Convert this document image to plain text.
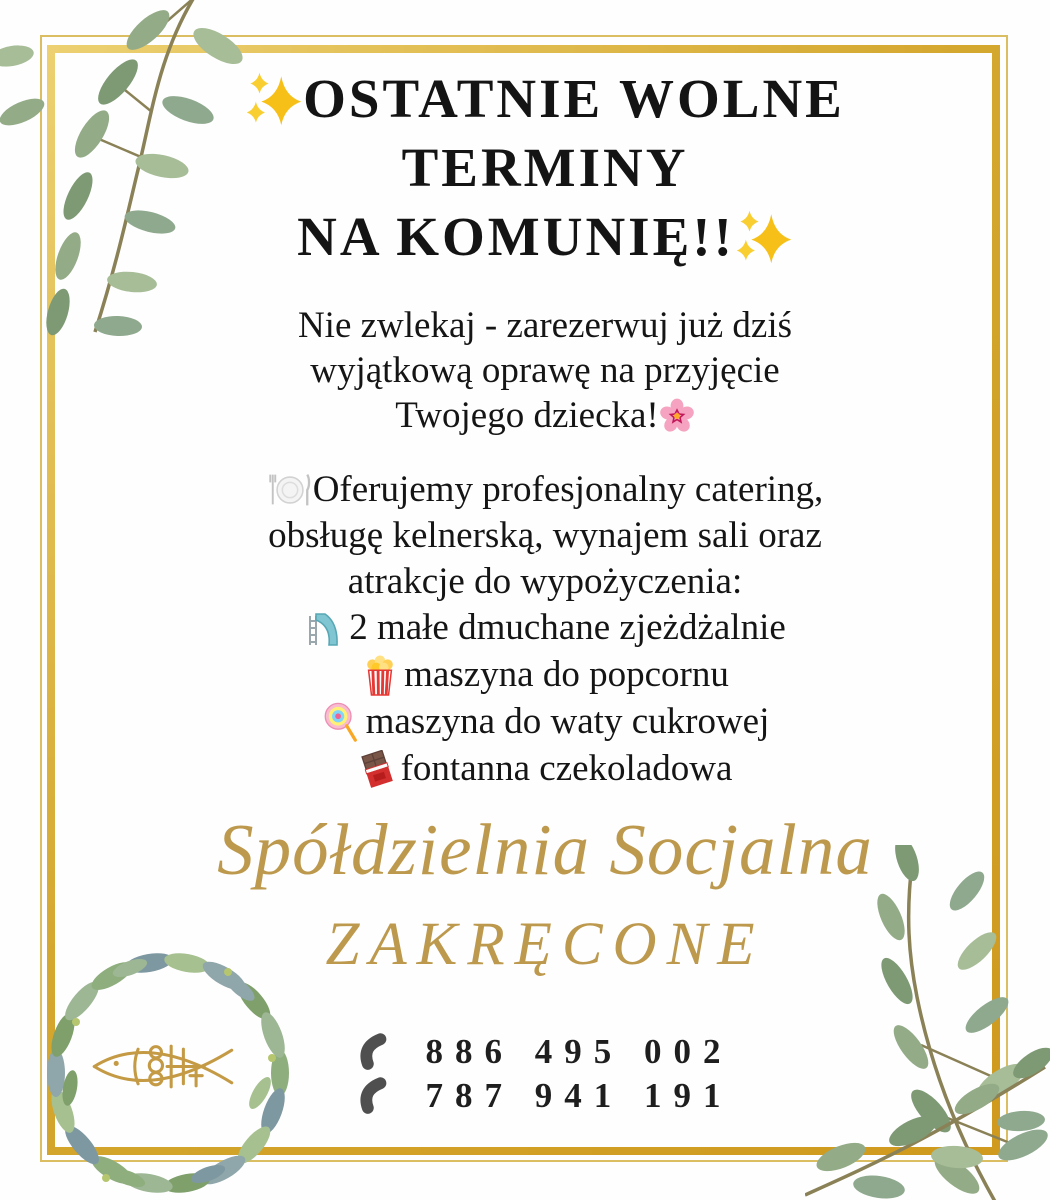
OSTATNIE WOLNE
TERMINY
NA KOMUNIĘ!!
Nie zwlekaj - zarezerwuj już dziś
wyjątkową oprawę na przyjęcie
Twojego dziecka!
Oferujemy profesjonalny catering,
obsługę kelnerską, wynajem sali oraz
atrakcje do wypożyczenia:
2 małe dmuchane zjeżdżalnie
maszyna do popcornu
maszyna do waty cukrowej
fontanna czekoladowa
Spółdzielnia Socjalna
ZAKRĘCONE
886 495 002
787 941 191
